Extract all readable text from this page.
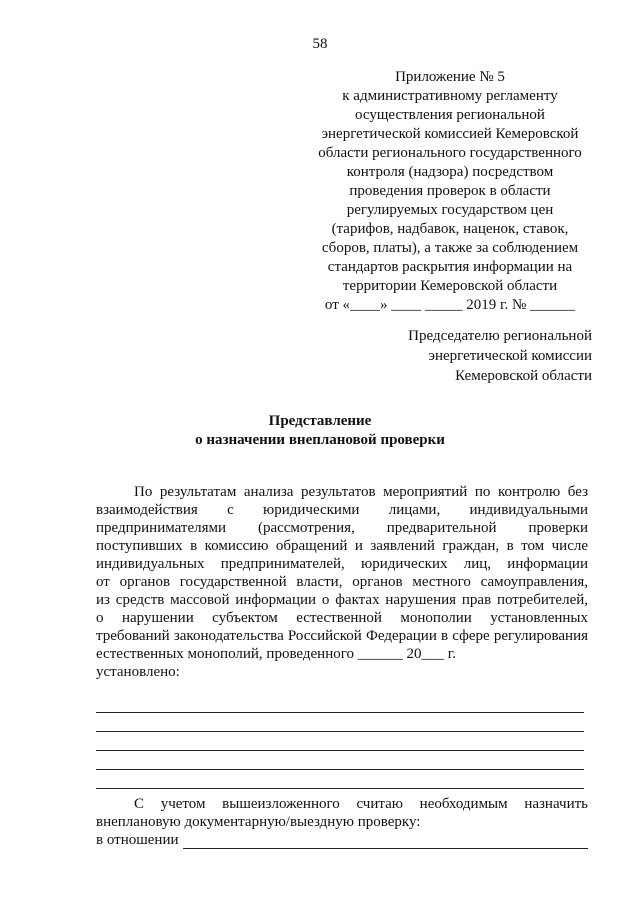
58
Приложение № 5
к административному регламенту
осуществления региональной
энергетической комиссией Кемеровской
области регионального государственного
контроля (надзора) посредством
проведения проверок в области
регулируемых государством цен
(тарифов, надбавок, наценок, ставок,
сборов, платы), а также за соблюдением
стандартов раскрытия информации на
территории Кемеровской области
от «____» ____ _____ 2019 г. № ______
Председателю региональной
энергетической комиссии
Кемеровской области
Представление
о назначении внеплановой проверки
По результатам анализа результатов мероприятий по контролю без
взаимодействия с юридическими лицами, индивидуальными
предпринимателями (рассмотрения, предварительной проверки
поступивших в комиссию обращений и заявлений граждан, в том числе
индивидуальных предпринимателей, юридических лиц, информации
от органов государственной власти, органов местного самоуправления,
из средств массовой информации о фактах нарушения прав потребителей,
о нарушении субъектом естественной монополии установленных
требований законодательства Российской Федерации в сфере регулирования
естественных монополий, проведенного ______ 20___ г.
установлено:
С учетом вышеизложенного считаю необходимым назначить
внеплановую документарную/выездную проверку:
в отношении
